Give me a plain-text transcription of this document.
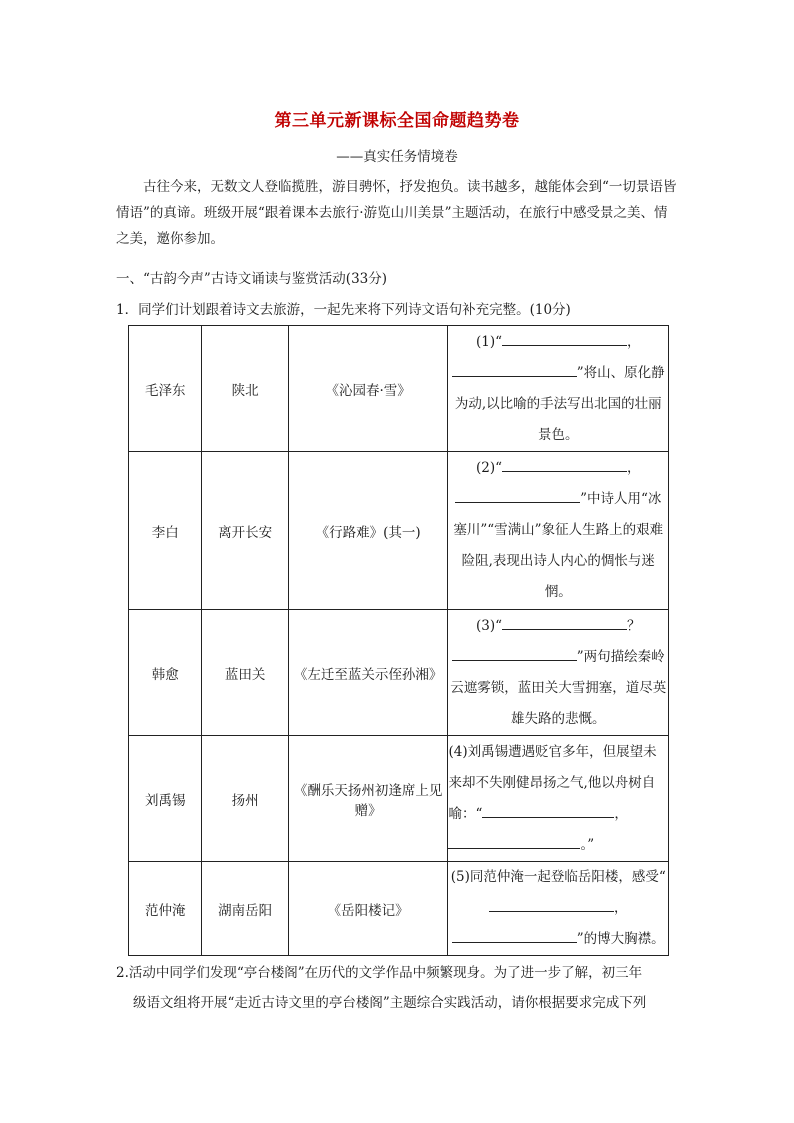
第三单元新课标全国命题趋势卷
——真实任务情境卷
古往今来，无数文人登临揽胜，游目骋怀，抒发抱负。读书越多，越能体会到“一切景语皆情语”的真谛。班级开展“跟着课本去旅行·游览山川美景”主题活动，在旅行中感受景之美、情之美，邀你参加。
一、“古韵今声”古诗文诵读与鉴赏活动(33分)
1．同学们计划跟着诗文去旅游，一起先来将下列诗文语句补充完整。(10分)
毛泽东	陕北	《沁园春·雪》	(1)“ ，
”将山、原化静为动,以比喻的手法写出北国的壮丽景色。
李白	离开长安	《行路难》(其一)	(2)“ ，
”中诗人用“冰塞川”“雪满山”象征人生路上的艰难险阻,表现出诗人内心的惆怅与迷惘。
韩愈	蓝田关	《左迁至蓝关示侄孙湘》	(3)“ ？
”两句描绘秦岭云遮雾锁，蓝田关大雪拥塞，道尽英雄失路的悲慨。
刘禹锡	扬州	《酬乐天扬州初逢席上见赠》	(4)刘禹锡遭遇贬官多年，但展望未来却不失刚健昂扬之气,他以舟树自喻：“ ，
。”
范仲淹	湖南岳阳	《岳阳楼记》	(5)同范仲淹一起登临岳阳楼，感受“，
”的博大胸襟。
2.活动中同学们发现“亭台楼阁”在历代的文学作品中频繁现身。为了进一步了解，初三年
级语文组将开展“走近古诗文里的亭台楼阁”主题综合实践活动，请你根据要求完成下列
